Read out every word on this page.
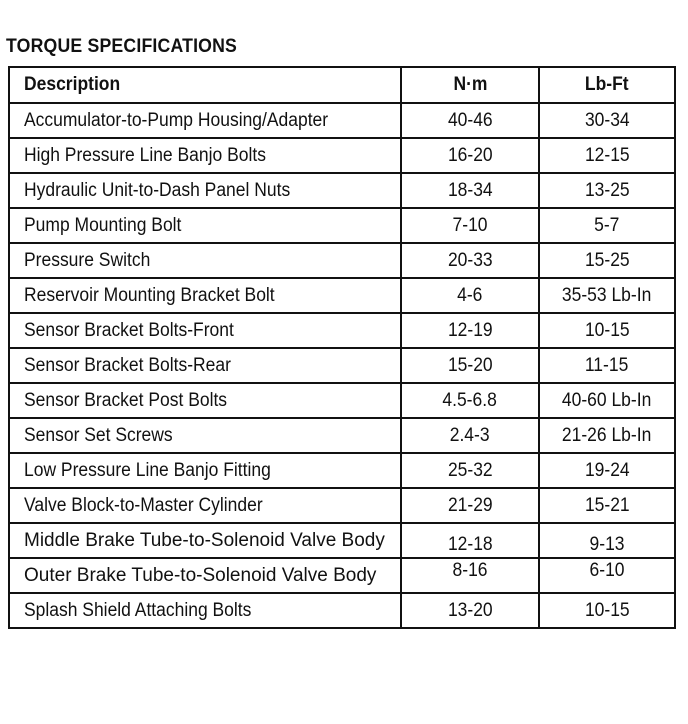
TORQUE SPECIFICATIONS
Description	N·m	Lb-Ft
Accumulator-to-Pump Housing/Adapter	40-46	30-34
High Pressure Line Banjo Bolts	16-20	12-15
Hydraulic Unit-to-Dash Panel Nuts	18-34	13-25
Pump Mounting Bolt	7-10	5-7
Pressure Switch	20-33	15-25
Reservoir Mounting Bracket Bolt	4-6	35-53 Lb-In
Sensor Bracket Bolts-Front	12-19	10-15
Sensor Bracket Bolts-Rear	15-20	11-15
Sensor Bracket Post Bolts	4.5-6.8	40-60 Lb-In
Sensor Set Screws	2.4-3	21-26 Lb-In
Low Pressure Line Banjo Fitting	25-32	19-24
Valve Block-to-Master Cylinder	21-29	15-21
Middle Brake Tube-to-Solenoid Valve Body	12-18	9-13
Outer Brake Tube-to-Solenoid Valve Body	8-16	6-10
Splash Shield Attaching Bolts	13-20	10-15
